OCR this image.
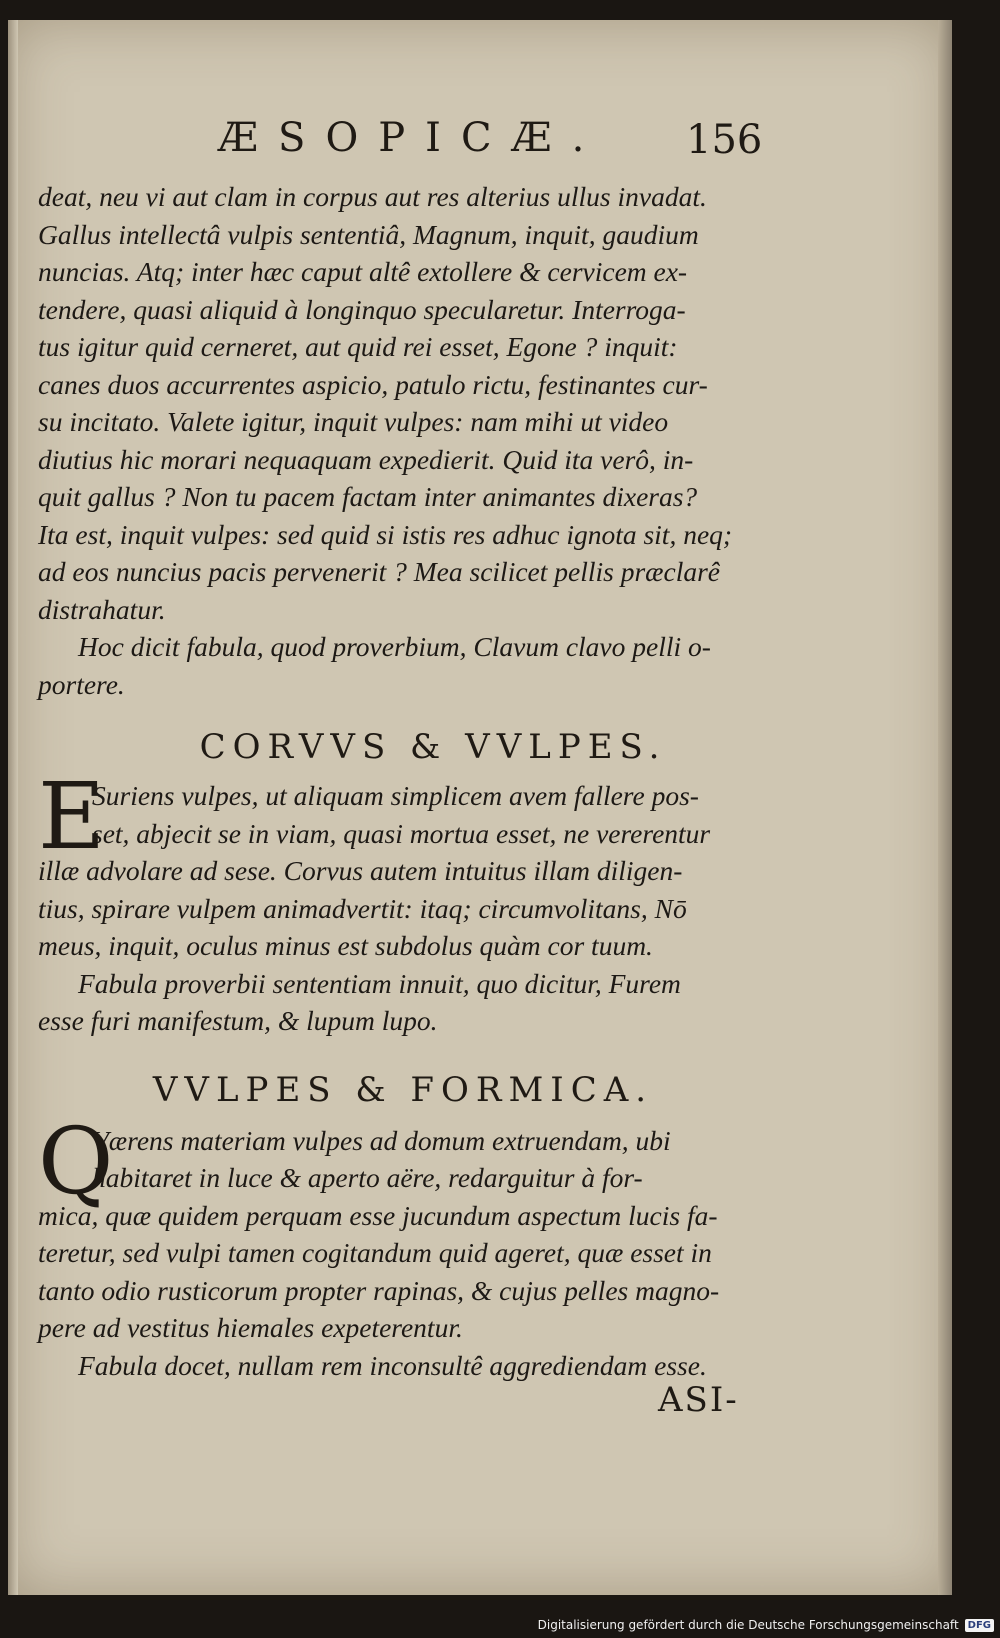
ÆSOPICÆ. 156
deat, neu vi aut clam in corpus aut res alterius ullus invadat.
Gallus intellectâ vulpis sententiâ, Magnum, inquit, gaudium
nuncias. Atq; inter hæc caput altê extollere & cervicem ex-
tendere, quasi aliquid à longinquo specularetur. Interroga-
tus igitur quid cerneret, aut quid rei esset, Egone ? inquit:
canes duos accurrentes aspicio, patulo rictu, festinantes cur-
su incitato. Valete igitur, inquit vulpes: nam mihi ut video
diutius hic morari nequaquam expedierit. Quid ita verô, in-
quit gallus ? Non tu pacem factam inter animantes dixeras?
Ita est, inquit vulpes: sed quid si istis res adhuc ignota sit, neq;
ad eos nuncius pacis pervenerit ? Mea scilicet pellis præclarê
distrahatur.
Hoc dicit fabula, quod proverbium, Clavum clavo pelli o-
portere.
CORVVS & VVLPES.
E
Suriens vulpes, ut aliquam simplicem avem fallere pos-
set, abjecit se in viam, quasi mortua esset, ne vererentur
illæ advolare ad sese. Corvus autem intuitus illam diligen-
tius, spirare vulpem animadvertit: itaq; circumvolitans, Nō
meus, inquit, oculus minus est subdolus quàm cor tuum.
Fabula proverbii sententiam innuit, quo dicitur, Furem
esse furi manifestum, & lupum lupo.
VVLPES & FORMICA.
Q
Værens materiam vulpes ad domum extruendam, ubi
habitaret in luce & aperto aëre, redarguitur à for-
mica, quæ quidem perquam esse jucundum aspectum lucis fa-
teretur, sed vulpi tamen cogitandum quid ageret, quæ esset in
tanto odio rusticorum propter rapinas, & cujus pelles magno-
pere ad vestitus hiemales expeterentur.
Fabula docet, nullam rem inconsultê aggrediendam esse.
ASI-
Digitalisierung gefördert durch die Deutsche Forschungsgemeinschaft DFG
